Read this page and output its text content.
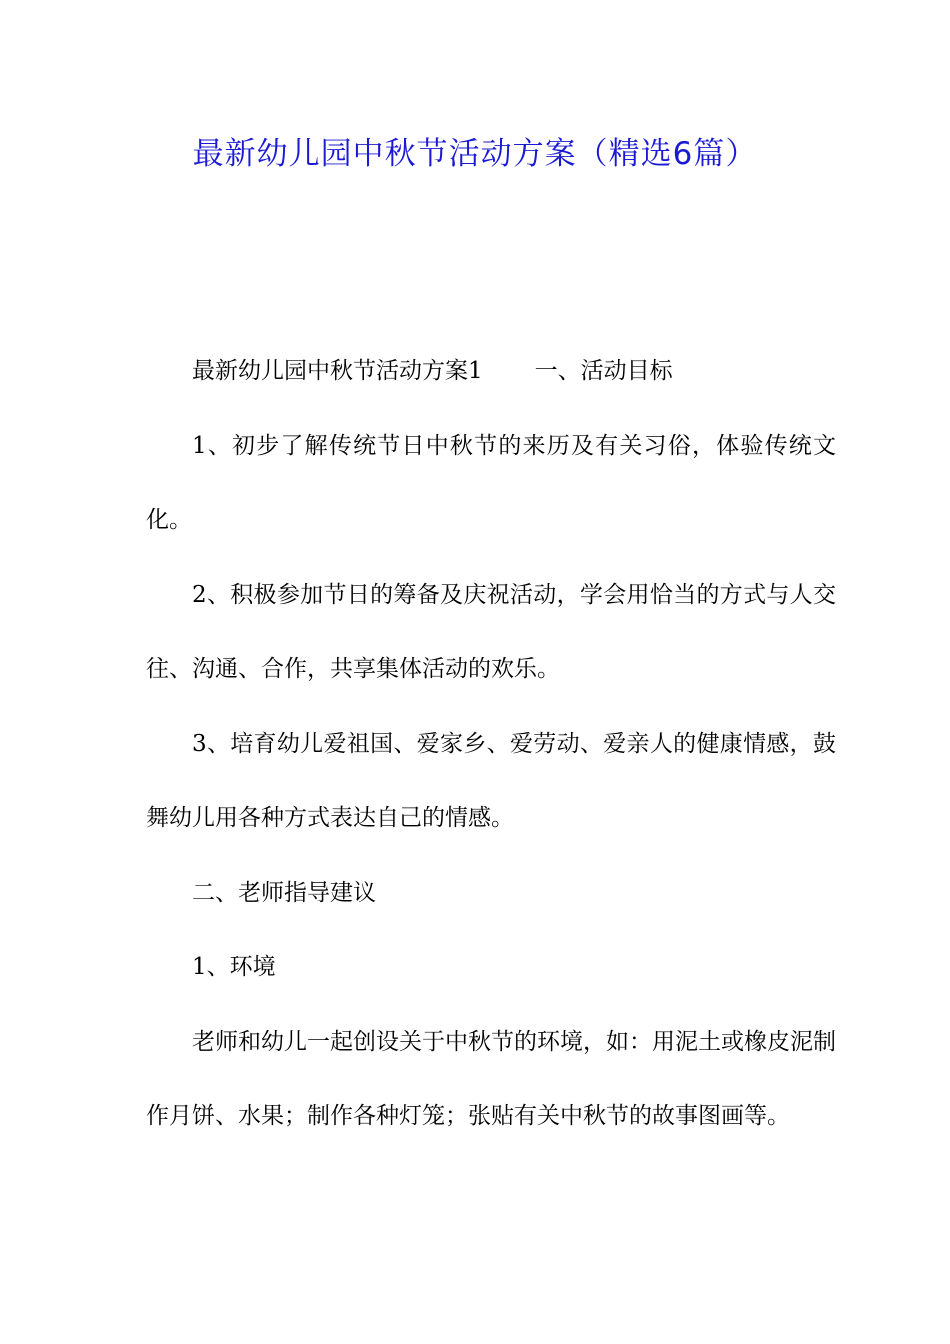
最新幼儿园中秋节活动方案（精选6篇）

最新幼儿园中秋节活动方案1 一、活动目标

1、初步了解传统节日中秋节的来历及有关习俗，体验传统文化。

2、积极参加节日的筹备及庆祝活动，学会用恰当的方式与人交往、沟通、合作，共享集体活动的欢乐。

3、培育幼儿爱祖国、爱家乡、爱劳动、爱亲人的健康情感，鼓舞幼儿用各种方式表达自己的情感。

二、老师指导建议

1、环境

老师和幼儿一起创设关于中秋节的环境，如：用泥土或橡皮泥制作月饼、水果；制作各种灯笼；张贴有关中秋节的故事图画等。
